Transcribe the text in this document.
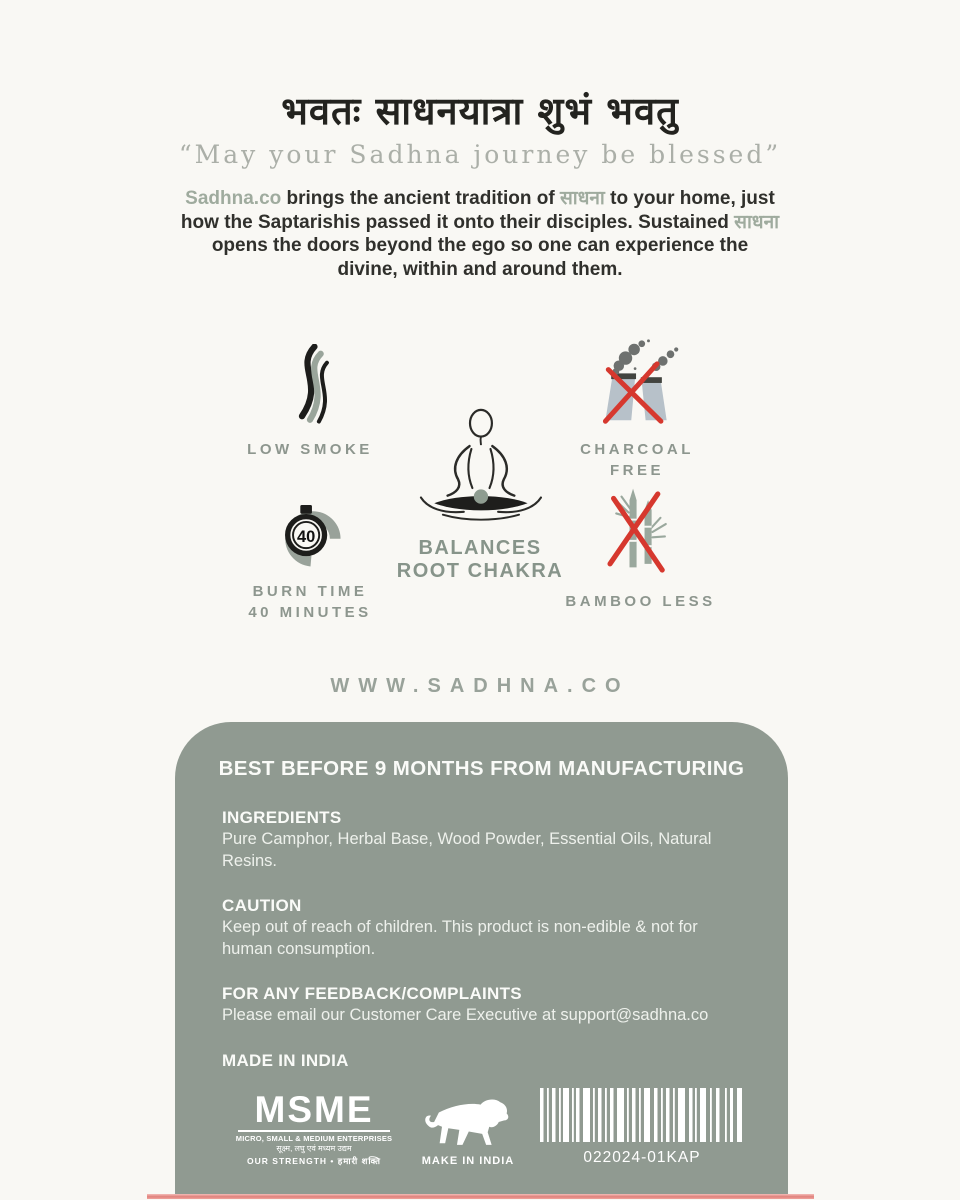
भवतः साधनयात्रा शुभं भवतु
“May your Sadhna journey be blessed”

Sadhna.co brings the ancient tradition of साधना to your home, just how the Saptarishis passed it onto their disciples. Sustained साधना opens the doors beyond the ego so one can experience the divine, within and around them.

LOW SMOKE	CHARCOAL FREE
BALANCES ROOT CHAKRA
40
BURN TIME
40 MINUTES
BAMBOO LESS
WWW.SADHNA.CO
BEST BEFORE 9 MONTHS FROM MANUFACTURING
INGREDIENTS

Pure Camphor, Herbal Base, Wood Powder, Essential Oils, Natural Resins.

CAUTION

Keep out of reach of children. This product is non-edible & not for human consumption.

FOR ANY FEEDBACK/COMPLAINTS

Please email our Customer Care Executive at support@sadhna.co

MADE IN INDIA
MSME
MICRO, SMALL & MEDIUM ENTERPRISES
सूक्ष्म, लघु एवं मध्यम उद्यम
OUR STRENGTH • हमारी शक्ति	MAKE IN INDIA	022024-01KAP
